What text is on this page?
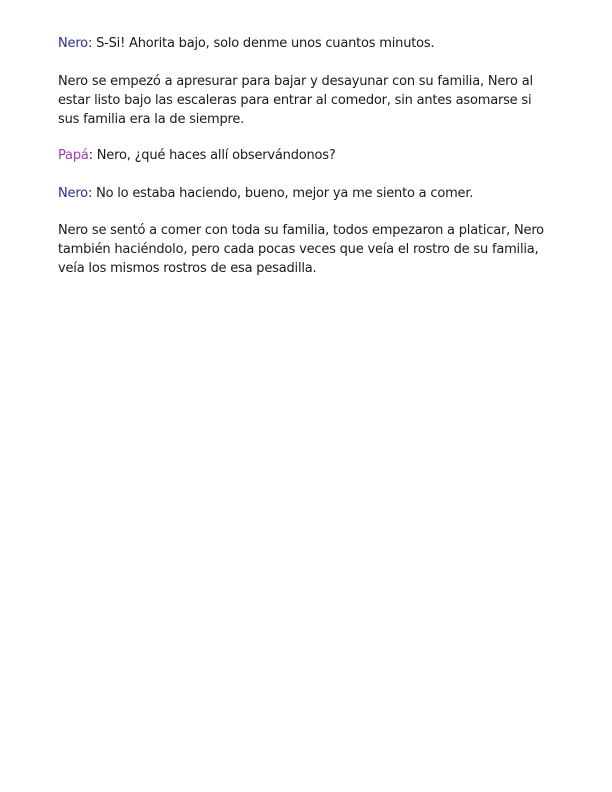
Nero: S-Si! Ahorita bajo, solo denme unos cuantos minutos.

Nero se empezó a apresurar para bajar y desayunar con su familia, Nero al
estar listo bajo las escaleras para entrar al comedor, sin antes asomarse si
sus familia era la de siempre.

Papá: Nero, ¿qué haces allí observándonos?

Nero: No lo estaba haciendo, bueno, mejor ya me siento a comer.

Nero se sentó a comer con toda su familia, todos empezaron a platicar, Nero
también haciéndolo, pero cada pocas veces que veía el rostro de su familia,
veía los mismos rostros de esa pesadilla.
